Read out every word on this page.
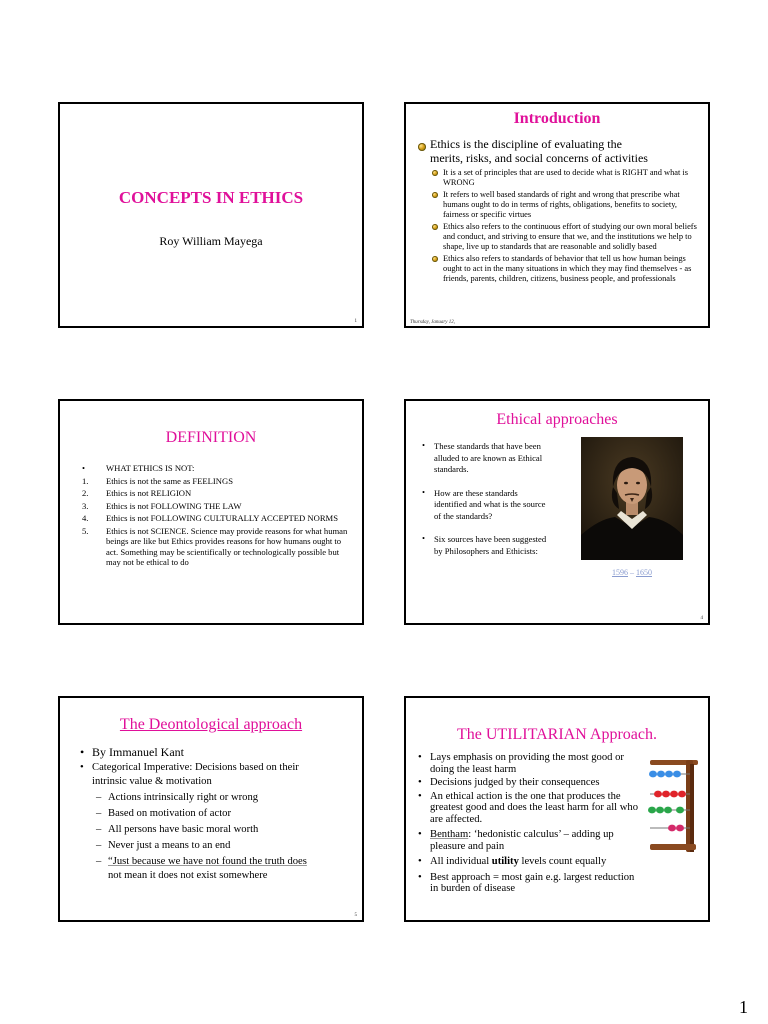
CONCEPTS IN ETHICS
Roy William Mayega
1
Introduction
Ethics is the discipline of evaluating the
merits, risks, and social concerns of activities
It is a set of principles that are used to decide what is RIGHT and what is WRONG
It refers to well based standards of right and wrong that prescribe what humans ought to do in terms of rights, obligations, benefits to society, fairness or specific virtues
Ethics also refers to the continuous effort of studying our own moral beliefs and conduct, and striving to ensure that we, and the institutions we help to shape, live up to standards that are reasonable and solidly based
Ethics also refers to standards of behavior that tell us how human beings ought to act in the many situations in which they may find themselves - as friends, parents, children, citizens, business people, and professionals
Thursday, January 12,
DEFINITION
•	WHAT ETHICS IS NOT:
1.	Ethics is not the same as FEELINGS
2.	Ethics is not RELIGION
3.	Ethics is not FOLLOWING THE LAW
4.	Ethics is not FOLLOWING CULTURALLY ACCEPTED NORMS
5.	Ethics is not SCIENCE. Science may provide reasons for what human beings are like but Ethics provides reasons for how humans ought to act. Something may be scientifically or technologically possible but may not be ethical to do
Ethical approaches
• These standards that have been alluded to are known as Ethical standards.
• How are these standards identified and what is the source of the standards?
• Six sources have been suggested by Philosophers and Ethicists:
1596 – 1650
4
The Deontological approach
• By Immanuel Kant
• Categorical Imperative: Decisions based on their
intrinsic value & motivation
– Actions intrinsically right or wrong
– Based on motivation of actor
– All persons have basic moral worth
– Never just a means to an end
– “Just because we have not found the truth does
not mean it does not exist somewhere
5
The UTILITARIAN Approach.
• Lays emphasis on providing the most good or doing the least harm
• Decisions judged by their consequences
• An ethical action is the one that produces the greatest good and does the least harm for all who are affected.
• Bentham: ‘hedonistic calculus’ – adding up pleasure and pain
• All individual utility levels count equally
• Best approach = most gain e.g. largest reduction in burden of disease
1
